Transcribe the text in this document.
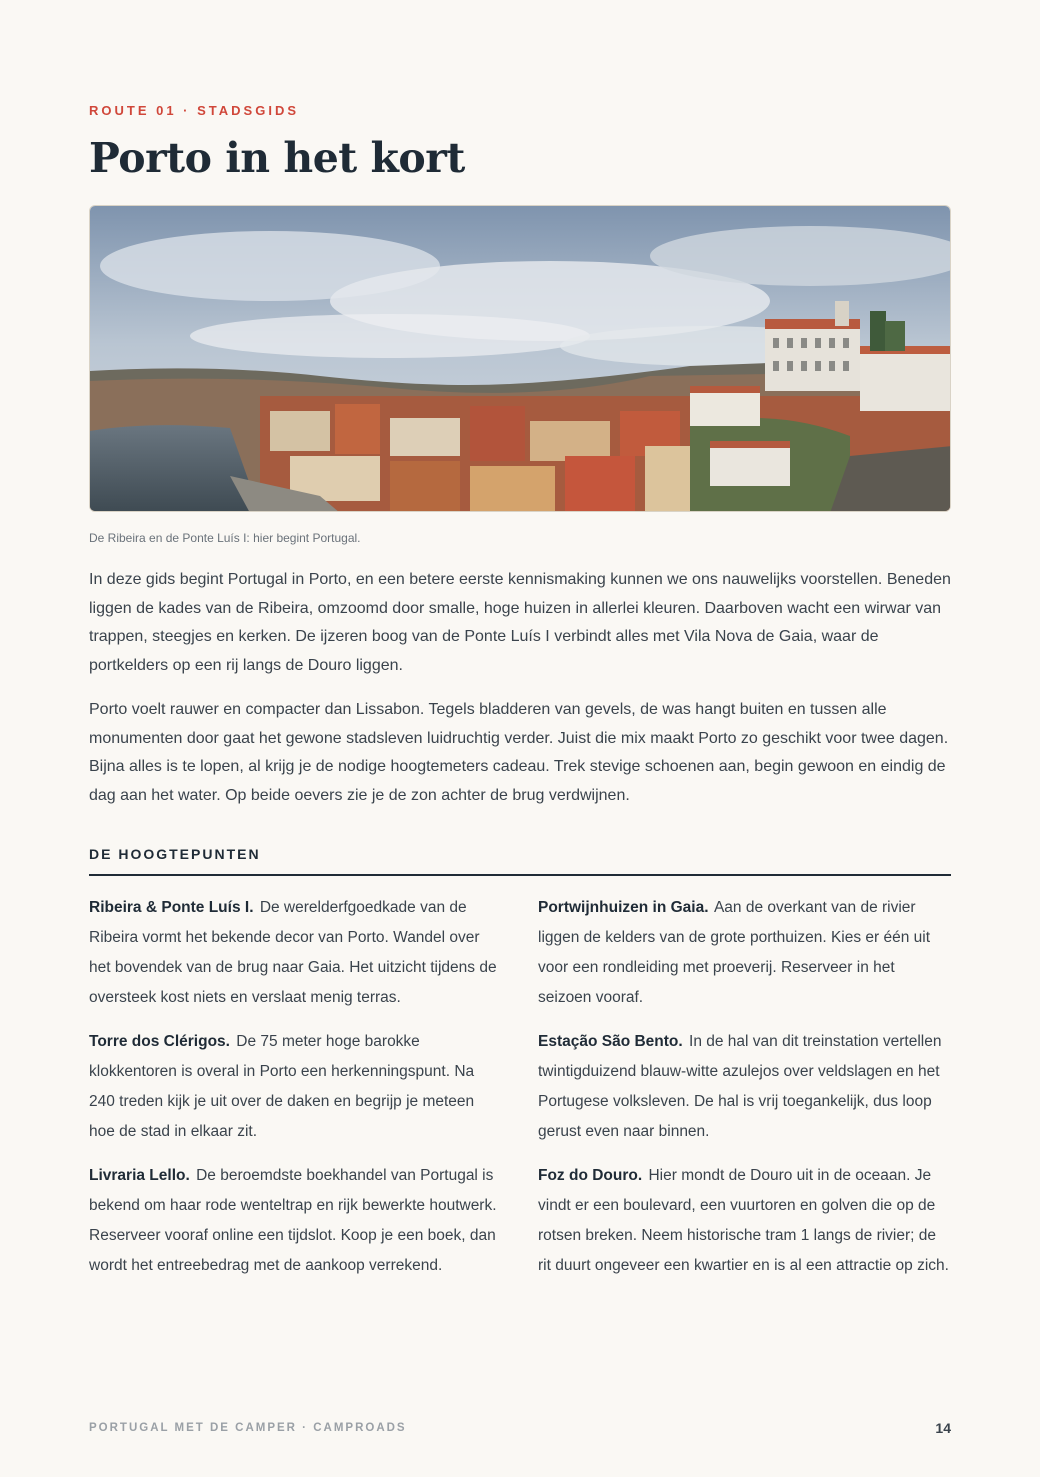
ROUTE 01 · STADSGIDS
Porto in het kort
De Ribeira en de Ponte Luís I: hier begint Portugal.

In deze gids begint Portugal in Porto, en een betere eerste kennismaking kunnen we ons nauwelijks voorstellen. Beneden liggen de kades van de Ribeira, omzoomd door smalle, hoge huizen in allerlei kleuren. Daarboven wacht een wirwar van trappen, steegjes en kerken. De ijzeren boog van de Ponte Luís I verbindt alles met Vila Nova de Gaia, waar de portkelders op een rij langs de Douro liggen.

Porto voelt rauwer en compacter dan Lissabon. Tegels bladderen van gevels, de was hangt buiten en tussen alle monumenten door gaat het gewone stadsleven luidruchtig verder. Juist die mix maakt Porto zo geschikt voor twee dagen. Bijna alles is te lopen, al krijg je de nodige hoogtemeters cadeau. Trek stevige schoenen aan, begin gewoon en eindig de dag aan het water. Op beide oevers zie je de zon achter de brug verdwijnen.

DE HOOGTEPUNTEN

Ribeira & Ponte Luís I. De werelderfgoedkade van de Ribeira vormt het bekende decor van Porto. Wandel over het bovendek van de brug naar Gaia. Het uitzicht tijdens de oversteek kost niets en verslaat menig terras.

Torre dos Clérigos. De 75 meter hoge barokke klokkentoren is overal in Porto een herkenningspunt. Na 240 treden kijk je uit over de daken en begrijp je meteen hoe de stad in elkaar zit.

Livraria Lello. De beroemdste boekhandel van Portugal is bekend om haar rode wenteltrap en rijk bewerkte houtwerk. Reserveer vooraf online een tijdslot. Koop je een boek, dan wordt het entreebedrag met de aankoop verrekend.

Portwijnhuizen in Gaia. Aan de overkant van de rivier liggen de kelders van de grote porthuizen. Kies er één uit voor een rondleiding met proeverij. Reserveer in het seizoen vooraf.

Estação São Bento. In de hal van dit treinstation vertellen twintigduizend blauw-witte azulejos over veldslagen en het Portugese volksleven. De hal is vrij toegankelijk, dus loop gerust even naar binnen.

Foz do Douro. Hier mondt de Douro uit in de oceaan. Je vindt er een boulevard, een vuurtoren en golven die op de rotsen breken. Neem historische tram 1 langs de rivier; de rit duurt ongeveer een kwartier en is al een attractie op zich.

PORTUGAL MET DE CAMPER · CAMPROADS	14
